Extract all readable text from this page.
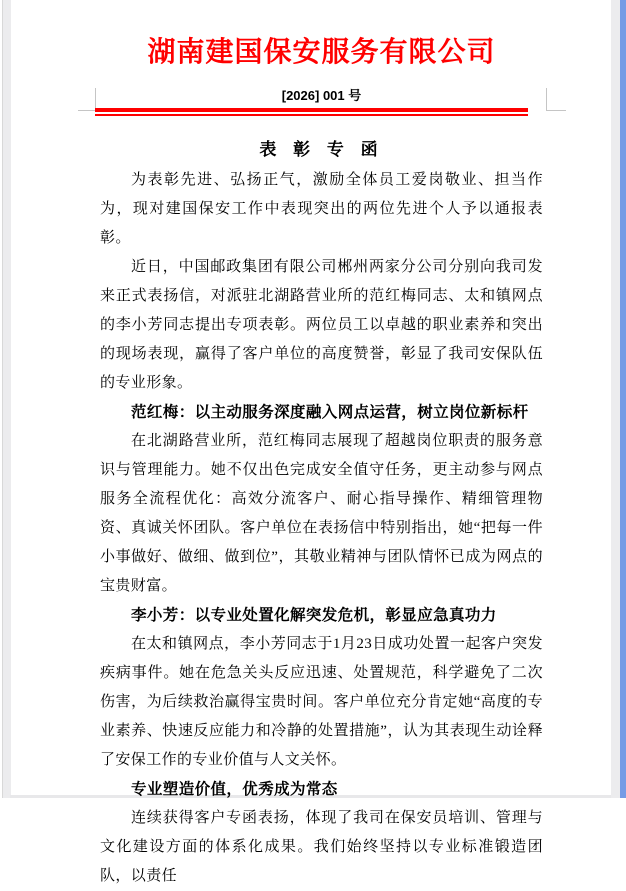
湖南建国保安服务有限公司
[2026] 001 号
表 彰 专 函

为表彰先进、弘扬正气，激励全体员工爱岗敬业、担当作为，现对建国保安工作中表现突出的两位先进个人予以通报表彰。

近日，中国邮政集团有限公司郴州两家分公司分别向我司发来正式表扬信，对派驻北湖路营业所的范红梅同志、太和镇网点的李小芳同志提出专项表彰。两位员工以卓越的职业素养和突出的现场表现，赢得了客户单位的高度赞誉，彰显了我司安保队伍的专业形象。

范红梅：以主动服务深度融入网点运营，树立岗位新标杆

在北湖路营业所，范红梅同志展现了超越岗位职责的服务意识与管理能力。她不仅出色完成安全值守任务，更主动参与网点服务全流程优化：高效分流客户、耐心指导操作、精细管理物资、真诚关怀团队。客户单位在表扬信中特别指出，她“把每一件小事做好、做细、做到位”，其敬业精神与团队情怀已成为网点的宝贵财富。

李小芳：以专业处置化解突发危机，彰显应急真功力

在太和镇网点，李小芳同志于1月23日成功处置一起客户突发疾病事件。她在危急关头反应迅速、处置规范，科学避免了二次伤害，为后续救治赢得宝贵时间。客户单位充分肯定她“高度的专业素养、快速反应能力和冷静的处置措施”，认为其表现生动诠释了安保工作的专业价值与人文关怀。

专业塑造价值，优秀成为常态

连续获得客户专函表扬，体现了我司在保安员培训、管理与文化建设方面的体系化成果。我们始终坚持以专业标准锻造团队，以责任
